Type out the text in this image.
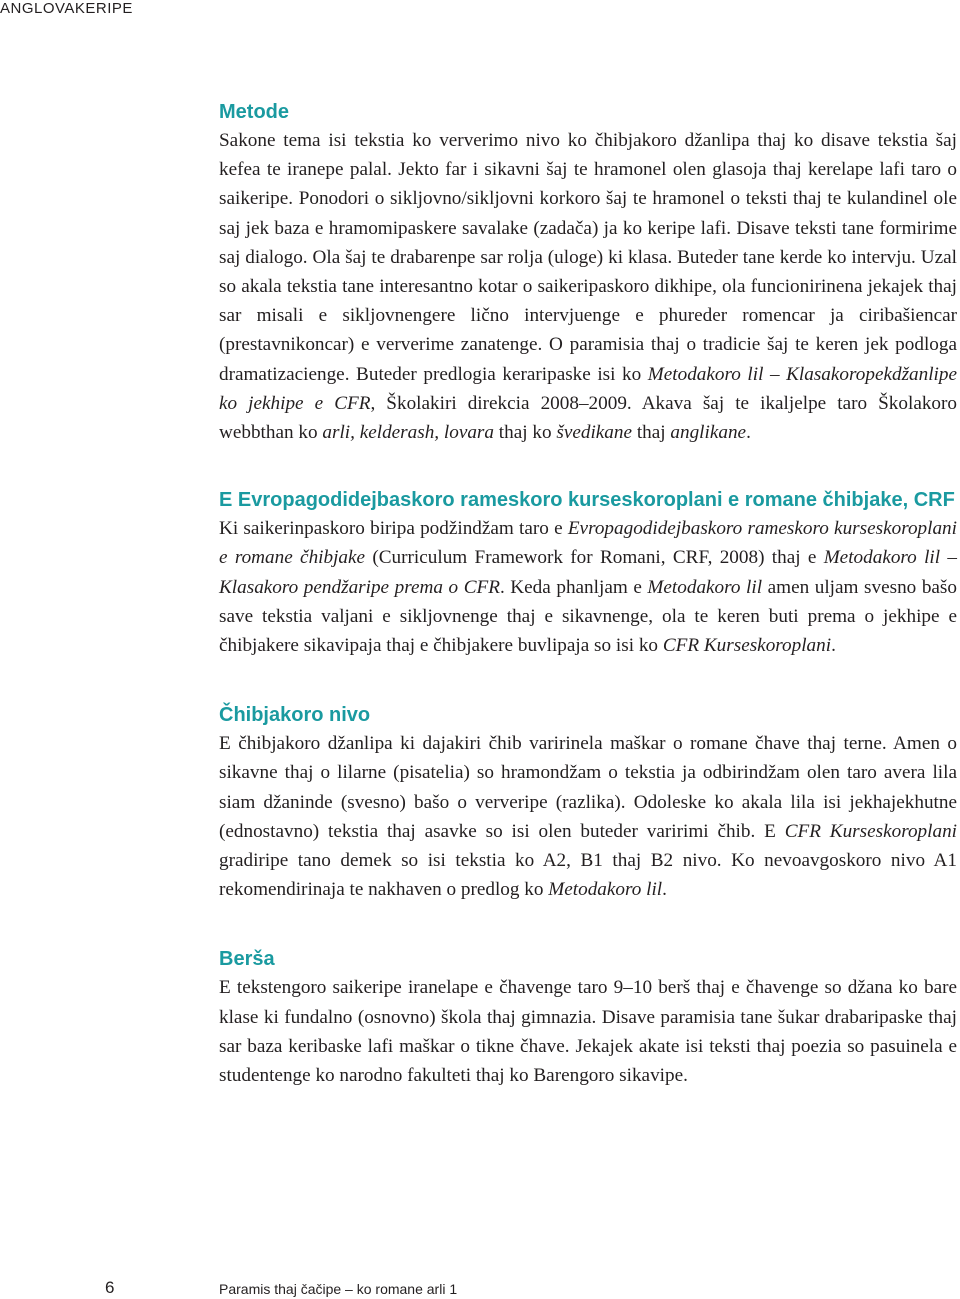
ANGLOVAKERIPE
Metode

Sakone tema isi tekstia ko ververimo nivo ko čhibjakoro džanlipa thaj ko disave tekstia šaj kefea te iranepe palal. Jekto far i sikavni šaj te hramonel olen glasoja thaj kerelape lafi taro o saikeripe. Ponodori o sikljovno/sikljovni korkoro šaj te hramonel o teksti thaj te kulandinel ole saj jek baza e hramomipaskere savalake (zadača) ja ko keripe lafi. Disave teksti tane formirime saj dialogo. Ola šaj te drabarenpe sar rolja (uloge) ki klasa. Buteder tane kerde ko intervju. Uzal so akala tekstia tane interesantno kotar o saikeripaskoro dikhipe, ola funcionirinena jekajek thaj sar misali e sikljovnengere lično intervjuenge e phureder romencar ja ciribašiencar (prestavnikoncar) e ververime zanatenge. O paramisia thaj o tradicie šaj te keren jek podloga dramatizacienge. Buteder predlogia keraripaske isi ko Metodakoro lil – Klasakoropekdžanlipe ko jekhipe e CFR, Školakiri direkcia 2008–2009. Akava šaj te ikaljelpe taro Školakoro webbthan ko arli, kelderash, lovara thaj ko švedikane thaj anglikane.

E Evropagodidejbaskoro rameskoro kurseskoroplani e romane čhibjake, CRF

Ki saikerinpaskoro biripa podžindžam taro e Evropagodidejbaskoro rameskoro kurseskoroplani e romane čhibjake (Curriculum Framework for Romani, CRF, 2008) thaj e Metodakoro lil – Klasakoro pendžaripe prema o CFR. Keda phanljam e Metodakoro lil amen uljam svesno bašo save tekstia valjani e sikljovnenge thaj e sikavnenge, ola te keren buti prema o jekhipe e čhibjakere sikavipaja thaj e čhibjakere buvlipaja so isi ko CFR Kurseskoroplani.

Čhibjakoro nivo

E čhibjakoro džanlipa ki dajakiri čhib varirinela maškar o romane čhave thaj terne. Amen o sikavne thaj o lilarne (pisatelia) so hramondžam o tekstia ja odbirindžam olen taro avera lila siam džaninde (svesno) bašo o ververipe (razlika). Odoleske ko akala lila isi jekhajekhutne (ednostavno) tekstia thaj asavke so isi olen buteder varirimi čhib. E CFR Kurseskoroplani gradiripe tano demek so isi tekstia ko A2, B1 thaj B2 nivo. Ko nevoavgoskoro nivo A1 rekomendirinaja te nakhaven o predlog ko Metodakoro lil.

Berša

E tekstengoro saikeripe iranelape e čhavenge taro 9–10 berš thaj e čhavenge so džana ko bare klase ki fundalno (osnovno) škola thaj gimnazia. Disave paramisia tane šukar drabaripaske thaj sar baza keribaske lafi maškar o tikne čhave. Jekajek akate isi teksti thaj poezia so pasuinela e studentenge ko narodno fakulteti thaj ko Barengoro sikavipe.

6	Paramis thaj čačipe – ko romane arli 1
